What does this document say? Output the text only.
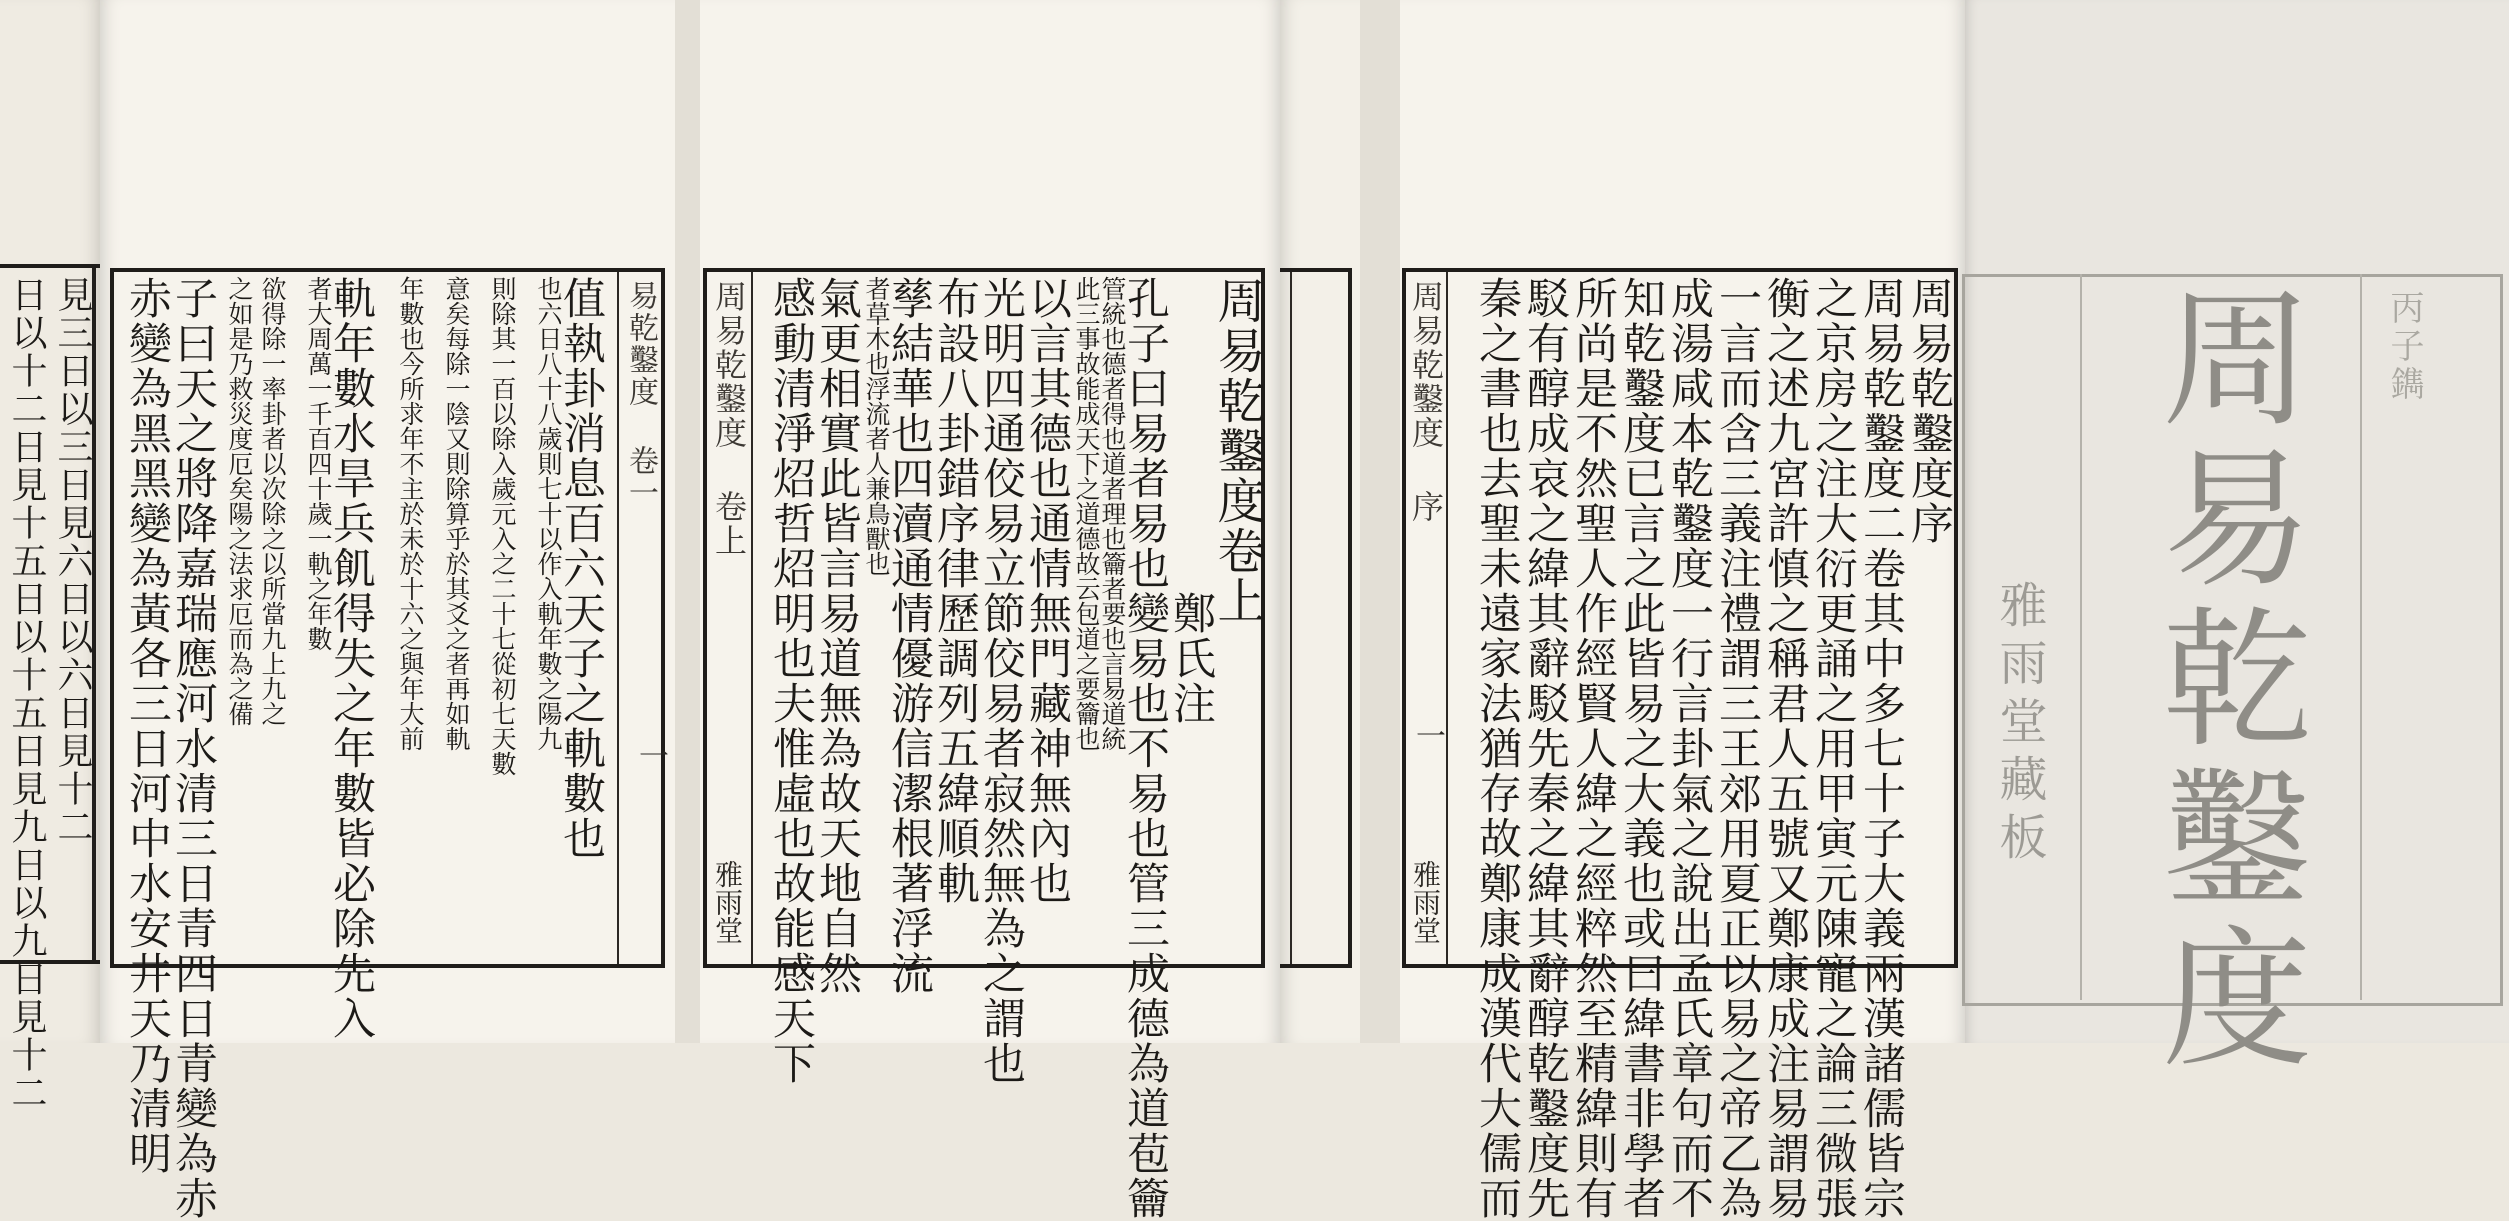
見三日以三日見六日以六日見十二
日以十二日見十五日以十五日見九日以九日見十二	易乾鑿度 卷一
值執卦消息百六天子之軌數也
也六日八十八歲則七十以作入軌年數之陽九
則除其一百以除入歲元入之二十七從初七天數
意矣每除一陰又則除算乎於其爻之者再如軌
年數也今所求年不主於未於十六之與年大前
軌年數水旱兵飢得失之年數皆必除先入
者大周萬一千百四十歲一軌之年數
欲得除一率卦者以次除之以所當九上九之
之如是乃救災度厄矣陽之法求厄而為之備
子曰天之將降嘉瑞應河水清三日青四日青變為赤
赤變為黑黑變為黃各三日河中水安井天乃清明	一
周易乾鑿度 卷上	周易乾鑿度卷上
　　　　　　　鄭氏注
孔子曰易者易也變易也不易也管三成德為道苞籥
管統也德者得也道者理也籥者要也言易道統
此三事故能成天下之道德故云包道之要籥也
以言其德也通情無門藏神無內也
光明四通佼易立節佼易者寂然無為之謂也
布設八卦錯序律歷調列五緯順軌
孳結華也四瀆通情優游信潔根著浮流
者草木也浮流者人兼鳥獸也
氣更相實此皆言易道無為故天地自然
感動清淨炤哲炤明也夫惟虛也故能感天下
雅雨堂
周易乾鑿度 序	周易乾鑿度序
周易乾鑿度二卷其中多七十子大義兩漢諸儒皆宗
之京房之注大衍更誦之用甲寅元陳寵之論三微張
衡之述九宮許慎之稱君人五號又鄭康成注易謂易
一言而含三義注禮謂三王郊用夏正以易之帝乙為
成湯咸本乾鑿度一行言卦氣之說出孟氏章句而不
知乾鑿度已言之此皆易之大義也或曰緯書非學者
所尚是不然聖人作經賢人緯之經粹然至精緯則有
駁有醇成哀之緯其辭駁先秦之緯其辭醇乾鑿度先
秦之書也去聖未遠家法猶存故鄭康成漢代大儒而
一
雅雨堂	周易乾鑿度	丙子鐫
雅雨堂藏板
